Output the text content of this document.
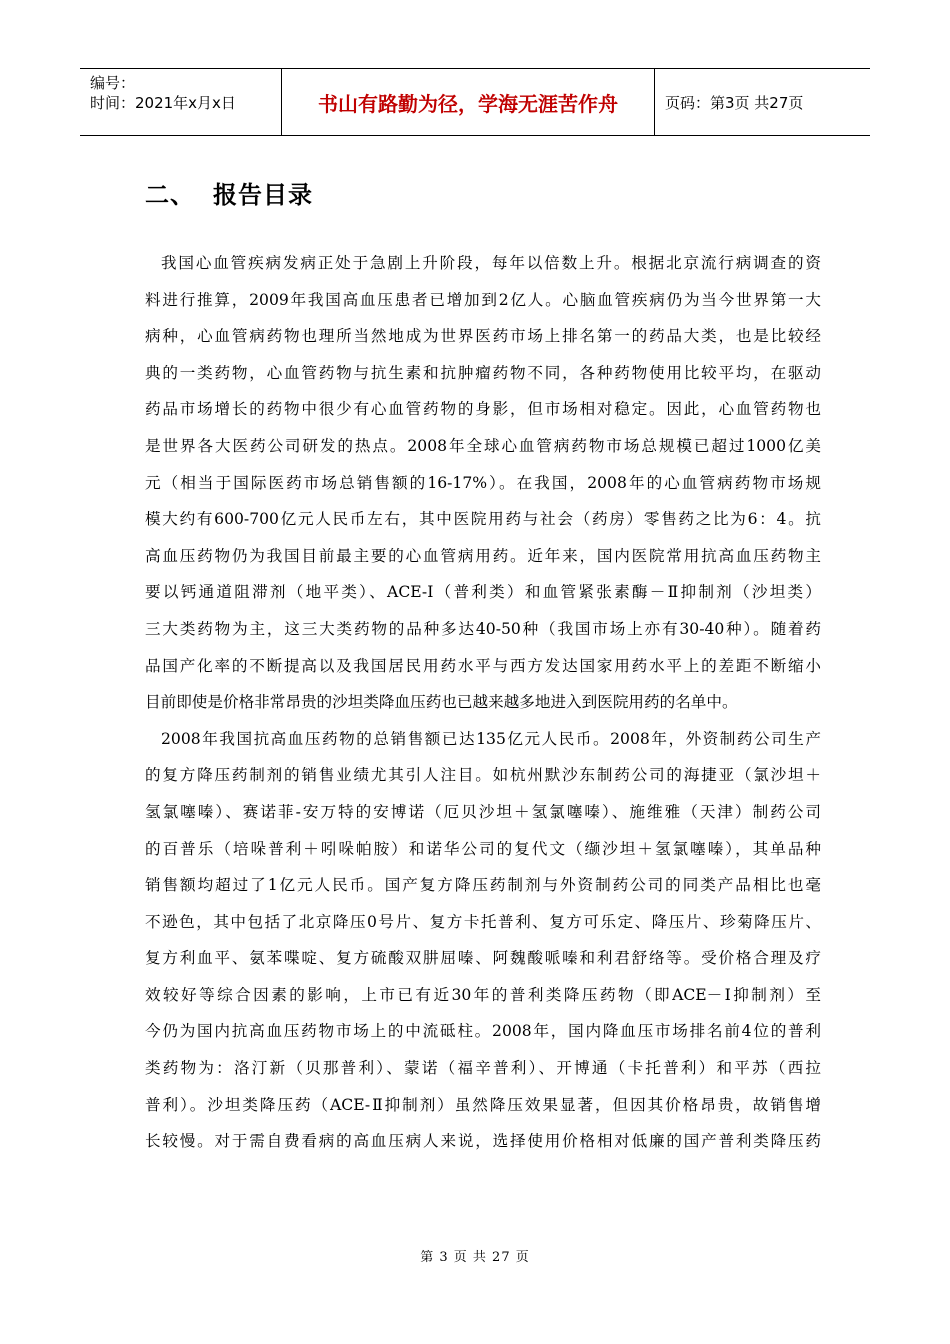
编号：
时间：2021年x月x日	书山有路勤为径，学海无涯苦作舟	页码：第3页 共27页
二、 报告目录
我国心血管疾病发病正处于急剧上升阶段，每年以倍数上升。根据北京流行病调查的资
料进行推算，2009年我国高血压患者已增加到2亿人。心脑血管疾病仍为当今世界第一大
病种，心血管病药物也理所当然地成为世界医药市场上排名第一的药品大类，也是比较经
典的一类药物，心血管药物与抗生素和抗肿瘤药物不同，各种药物使用比较平均，在驱动
药品市场增长的药物中很少有心血管药物的身影，但市场相对稳定。因此，心血管药物也
是世界各大医药公司研发的热点。2008年全球心血管病药物市场总规模已超过1000亿美
元（相当于国际医药市场总销售额的16-17%）。在我国，2008年的心血管病药物市场规
模大约有600-700亿元人民币左右，其中医院用药与社会（药房）零售药之比为6：4。抗
高血压药物仍为我国目前最主要的心血管病用药。近年来，国内医院常用抗高血压药物主
要以钙通道阻滞剂（地平类）、ACE-I（普利类）和血管紧张素酶－Ⅱ抑制剂（沙坦类）
三大类药物为主，这三大类药物的品种多达40-50种（我国市场上亦有30-40种）。随着药
品国产化率的不断提高以及我国居民用药水平与西方发达国家用药水平上的差距不断缩小
目前即使是价格非常昂贵的沙坦类降血压药也已越来越多地进入到医院用药的名单中。
2008年我国抗高血压药物的总销售额已达135亿元人民币。2008年，外资制药公司生产
的复方降压药制剂的销售业绩尤其引人注目。如杭州默沙东制药公司的海捷亚（氯沙坦＋
氢氯噻嗪）、赛诺菲-安万特的安博诺（厄贝沙坦＋氢氯噻嗪）、施维雅（天津）制药公司
的百普乐（培哚普利＋吲哚帕胺）和诺华公司的复代文（缬沙坦＋氢氯噻嗪），其单品种
销售额均超过了1亿元人民币。国产复方降压药制剂与外资制药公司的同类产品相比也毫
不逊色，其中包括了北京降压0号片、复方卡托普利、复方可乐定、降压片、珍菊降压片、
复方利血平、氨苯喋啶、复方硫酸双肼屈嗪、阿魏酸哌嗪和利君舒络等。受价格合理及疗
效较好等综合因素的影响，上市已有近30年的普利类降压药物（即ACE－Ⅰ抑制剂）至
今仍为国内抗高血压药物市场上的中流砥柱。2008年，国内降血压市场排名前4位的普利
类药物为：洛汀新（贝那普利）、蒙诺（福辛普利）、开博通（卡托普利）和平苏（西拉
普利）。沙坦类降压药（ACE-Ⅱ抑制剂）虽然降压效果显著，但因其价格昂贵，故销售增
长较慢。对于需自费看病的高血压病人来说，选择使用价格相对低廉的国产普利类降压药
第 3 页 共 27 页
